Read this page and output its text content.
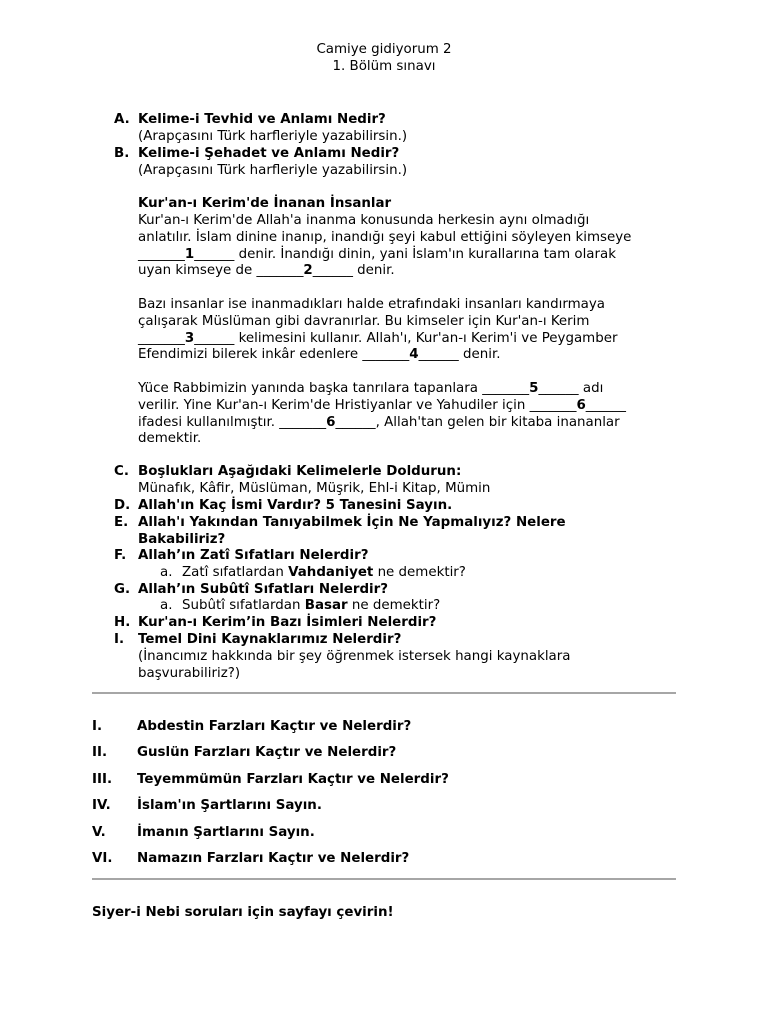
Camiye gidiyorum 2
1. Bölüm sınavı
A. Kelime-i Tevhid ve Anlamı Nedir?
(Arapçasını Türk harfleriyle yazabilirsin.)
B. Kelime-i Şehadet ve Anlamı Nedir?
(Arapçasını Türk harfleriyle yazabilirsin.)
Kur'an-ı Kerim'de İnanan İnsanlar
Kur'an-ı Kerim'de Allah'a inanma konusunda herkesin aynı olmadığı
anlatılır. İslam dinine inanıp, inandığı şeyi kabul ettiğini söyleyen kimseye
_______1______ denir. İnandığı dinin, yani İslam'ın kurallarına tam olarak
uyan kimseye de _______2______ denir.
Bazı insanlar ise inanmadıkları halde etrafındaki insanları kandırmaya
çalışarak Müslüman gibi davranırlar. Bu kimseler için Kur'an-ı Kerim
_______3______ kelimesini kullanır. Allah'ı, Kur'an-ı Kerim'i ve Peygamber
Efendimizi bilerek inkâr edenlere _______4______ denir.
Yüce Rabbimizin yanında başka tanrılara tapanlara _______5______ adı
verilir. Yine Kur'an-ı Kerim'de Hristiyanlar ve Yahudiler için _______6______
ifadesi kullanılmıştır. _______6______, Allah'tan gelen bir kitaba inananlar
demektir.
C. Boşlukları Aşağıdaki Kelimelerle Doldurun:
Münafık, Kâfir, Müslüman, Müşrik, Ehl-i Kitap, Mümin
D. Allah'ın Kaç İsmi Vardır? 5 Tanesini Sayın.
E. Allah'ı Yakından Tanıyabilmek İçin Ne Yapmalıyız? Nelere
Bakabiliriz?
F. Allah’ın Zatî Sıfatları Nelerdir?
a. Zatî sıfatlardan Vahdaniyet ne demektir?
G. Allah’ın Subûtî Sıfatları Nelerdir?
a. Subûtî sıfatlardan Basar ne demektir?
H. Kur'an-ı Kerim’in Bazı İsimleri Nelerdir?
I.	Temel Dini Kaynaklarımız Nelerdir?
(İnancımız hakkında bir şey öğrenmek istersek hangi kaynaklara
başvurabiliriz?)
I.	Abdestin Farzları Kaçtır ve Nelerdir?
II.	Guslün Farzları Kaçtır ve Nelerdir?
III.	Teyemmümün Farzları Kaçtır ve Nelerdir?
IV.	İslam'ın Şartlarını Sayın.
V.	İmanın Şartlarını Sayın.
VI.	Namazın Farzları Kaçtır ve Nelerdir?
Siyer-i Nebi soruları için sayfayı çevirin!
